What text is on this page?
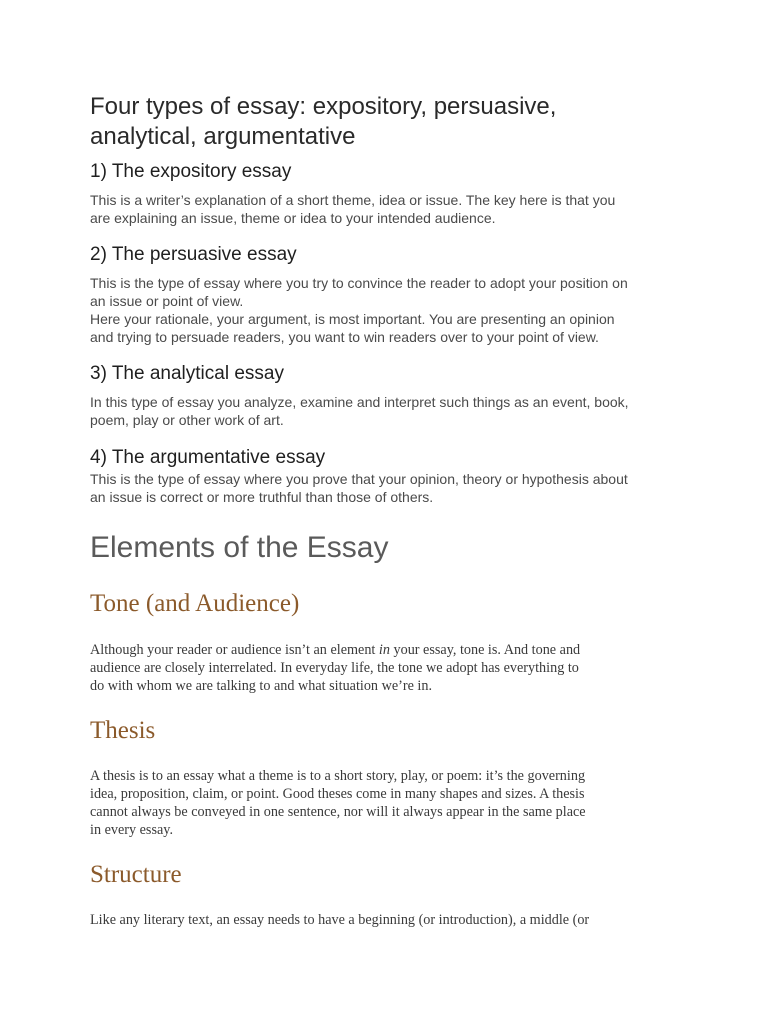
Four types of essay: expository, persuasive,
analytical, argumentative
1) The expository essay
This is a writer’s explanation of a short theme, idea or issue. The key here is that you
are explaining an issue, theme or idea to your intended audience.
2) The persuasive essay
This is the type of essay where you try to convince the reader to adopt your position on
an issue or point of view.
Here your rationale, your argument, is most important. You are presenting an opinion
and trying to persuade readers, you want to win readers over to your point of view.
3) The analytical essay
In this type of essay you analyze, examine and interpret such things as an event, book,
poem, play or other work of art.
4) The argumentative essay
This is the type of essay where you prove that your opinion, theory or hypothesis about
an issue is correct or more truthful than those of others.
Elements of the Essay
Tone (and Audience)
Although your reader or audience isn’t an element in your essay, tone is. And tone and
audience are closely interrelated. In everyday life, the tone we adopt has everything to
do with whom we are talking to and what situation we’re in.
Thesis
A thesis is to an essay what a theme is to a short story, play, or poem: it’s the governing
idea, proposition, claim, or point. Good theses come in many shapes and sizes. A thesis
cannot always be conveyed in one sentence, nor will it always appear in the same place
in every essay.
Structure
Like any literary text, an essay needs to have a beginning (or introduction), a middle (or
